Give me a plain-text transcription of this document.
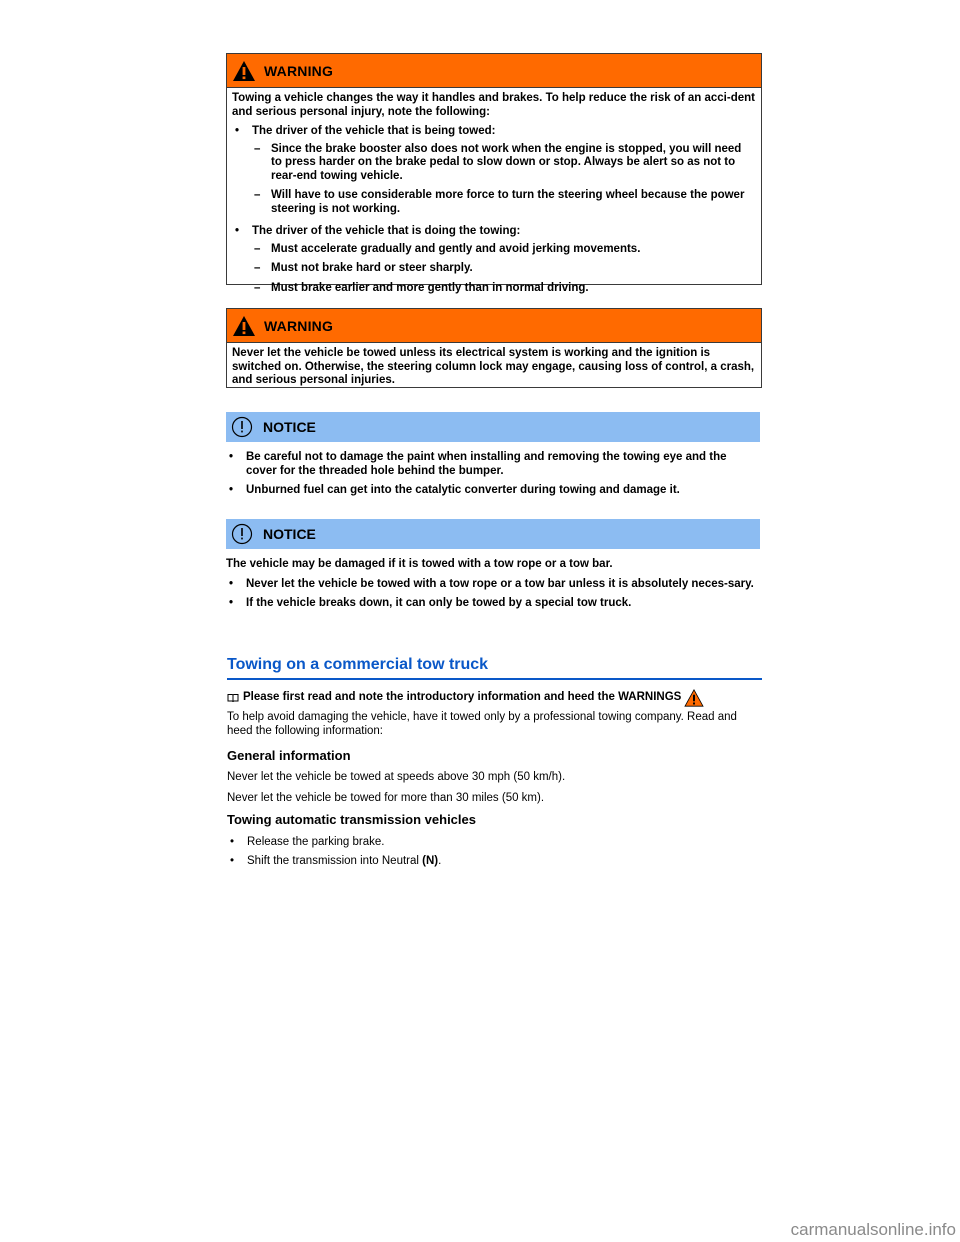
WARNING

Towing a vehicle changes the way it handles and brakes. To help reduce the risk of an acci-dent and serious personal injury, note the following:

•	The driver of the vehicle that is being towed:
– Since the brake booster also does not work when the engine is stopped, you will need to press harder on the brake pedal to slow down or stop. Always be alert so as not to rear-end towing vehicle.
– Will have to use considerable more force to turn the steering wheel because the power steering is not working.
•	The driver of the vehicle that is doing the towing:
– Must accelerate gradually and gently and avoid jerking movements.
– Must not brake hard or steer sharply.
– Must brake earlier and more gently than in normal driving.
WARNING

Never let the vehicle be towed unless its electrical system is working and the ignition is switched on. Otherwise, the steering column lock may engage, causing loss of control, a crash, and serious personal injuries.

NOTICE
•	Be careful not to damage the paint when installing and removing the towing eye and the cover for the threaded hole behind the bumper.
•	Unburned fuel can get into the catalytic converter during towing and damage it.
NOTICE

The vehicle may be damaged if it is towed with a tow rope or a tow bar.

•	Never let the vehicle be towed with a tow rope or a tow bar unless it is absolutely neces-sary.
•	If the vehicle breaks down, it can only be towed by a special tow truck.
Towing on a commercial tow truck
Please first read and note the introductory information and heed the WARNINGS
To help avoid damaging the vehicle, have it towed only by a professional towing company. Read and heed the following information:
General information
Never let the vehicle be towed at speeds above 30 mph (50 km/h).
Never let the vehicle be towed for more than 30 miles (50 km).
Towing automatic transmission vehicles
•	Release the parking brake.
•	Shift the transmission into Neutral (N).
carmanualsonline.info
